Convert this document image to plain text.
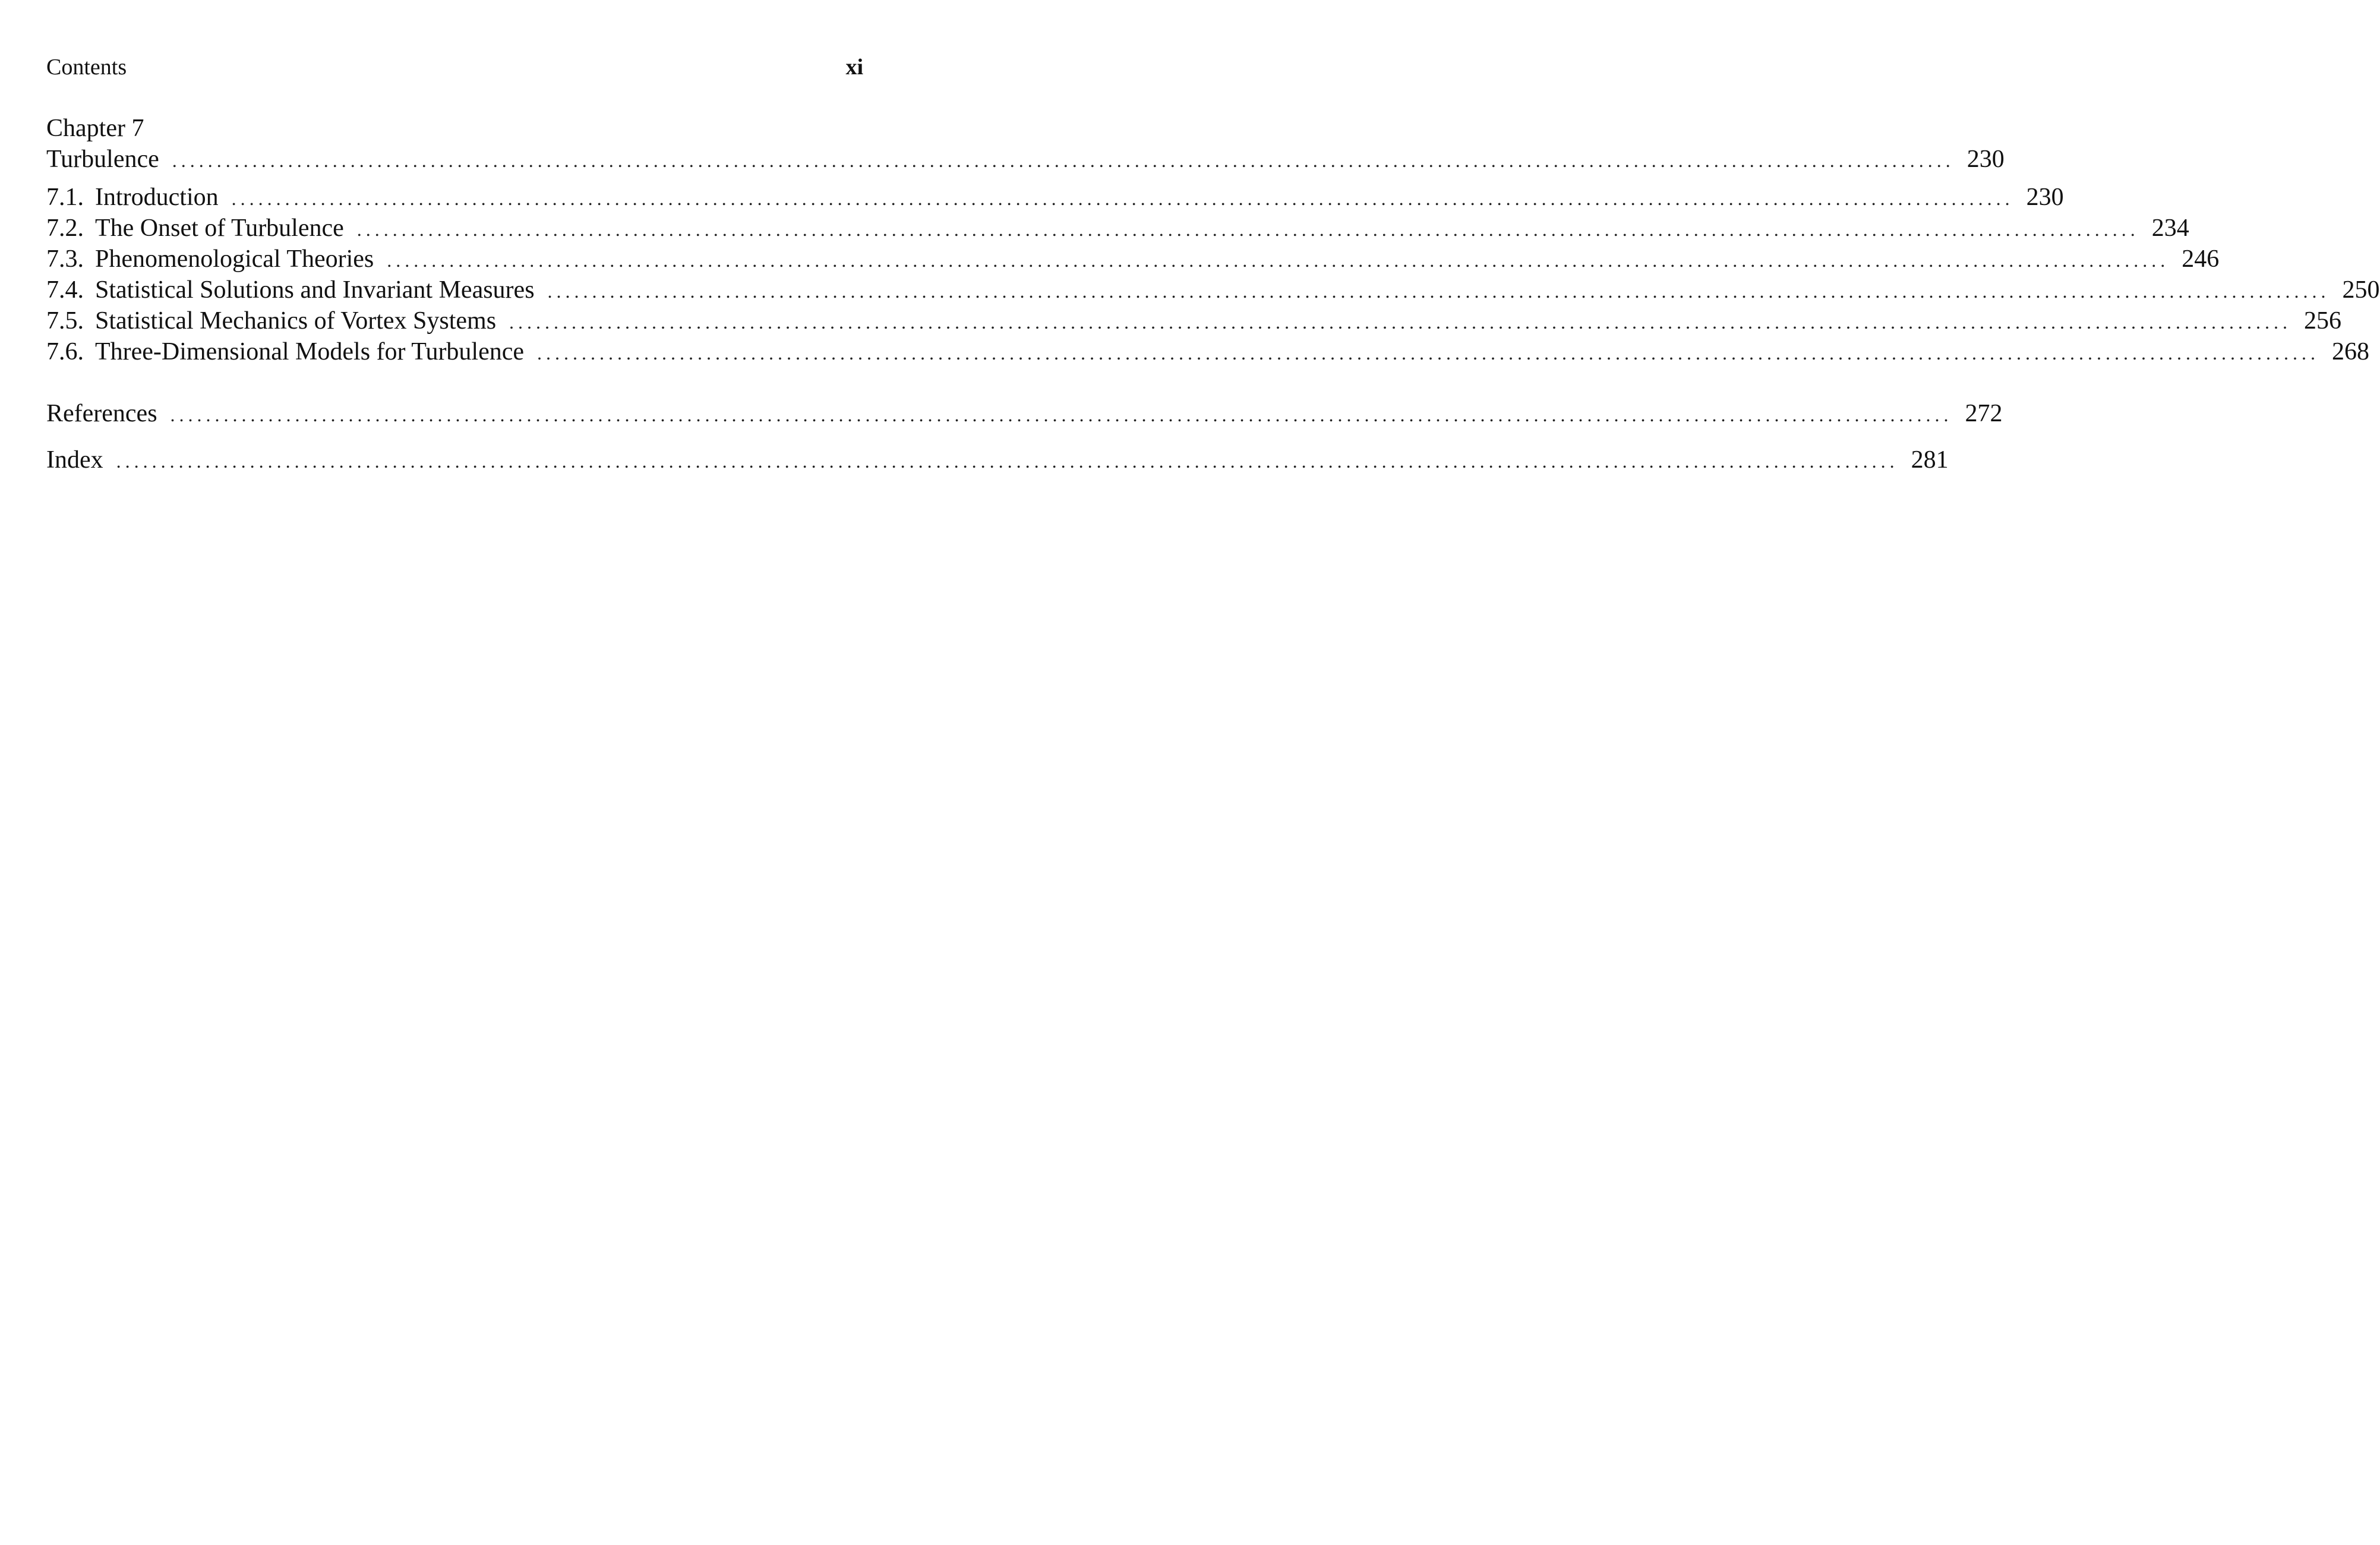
Contents	xi
Chapter 7
Turbulence ........................................................................................................................................................................................................ 230
7.1. Introduction ........................................................................................................................................................................................................ 230
7.2. The Onset of Turbulence ........................................................................................................................................................................................................ 234
7.3. Phenomenological Theories ........................................................................................................................................................................................................ 246
7.4. Statistical Solutions and Invariant Measures ........................................................................................................................................................................................................ 250
7.5. Statistical Mechanics of Vortex Systems ........................................................................................................................................................................................................ 256
7.6. Three-Dimensional Models for Turbulence ........................................................................................................................................................................................................ 268
References ........................................................................................................................................................................................................ 272
Index ........................................................................................................................................................................................................ 281
